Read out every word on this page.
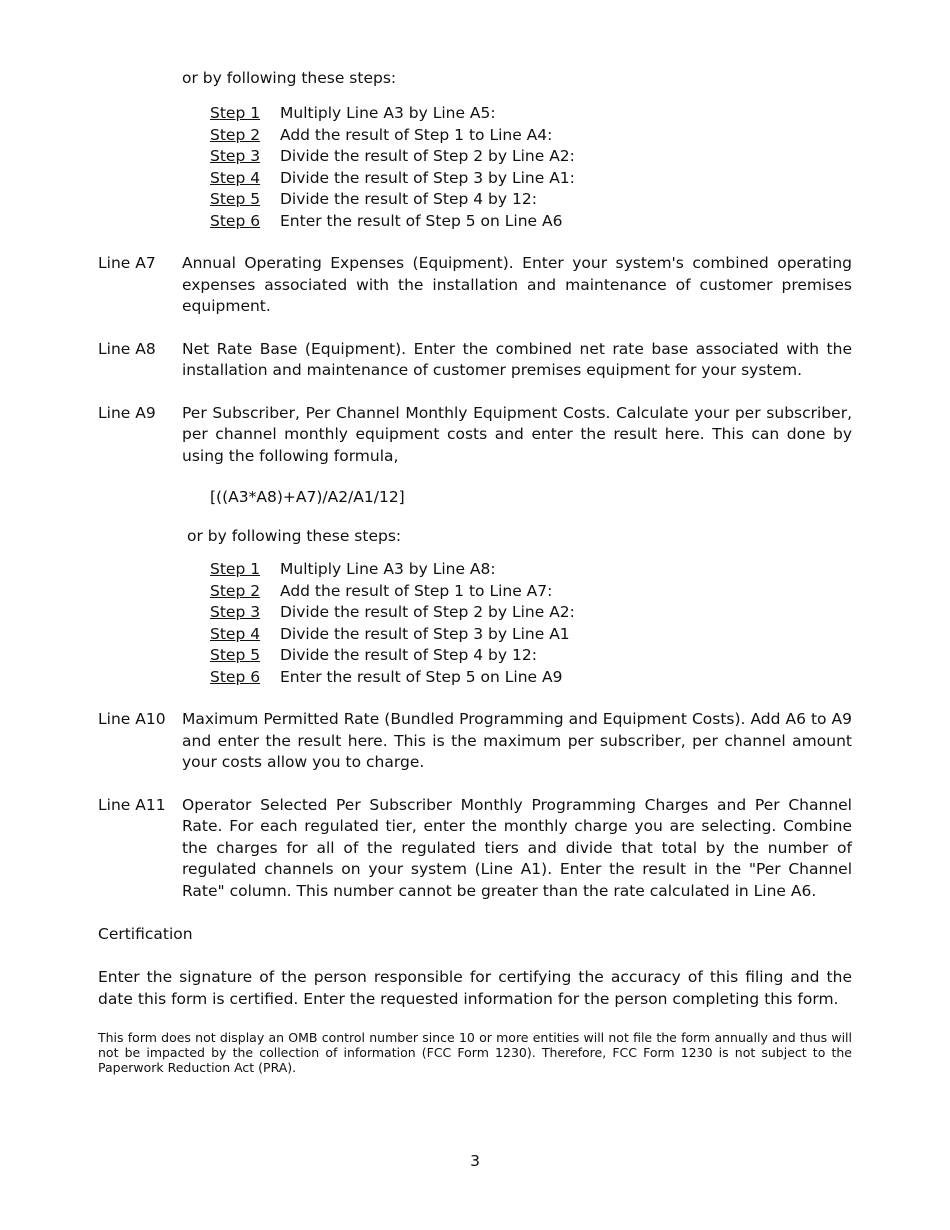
or by following these steps:
Step 1	Multiply Line A3 by Line A5:
Step 2	Add the result of Step 1 to Line A4:
Step 3	Divide the result of Step 2 by Line A2:
Step 4	Divide the result of Step 3 by Line A1:
Step 5	Divide the result of Step 4 by 12:
Step 6	Enter the result of Step 5 on Line A6
Line A7	Annual Operating Expenses (Equipment). Enter your system's combined operating expenses associated with the installation and maintenance of customer premises equipment.
Line A8	Net Rate Base (Equipment). Enter the combined net rate base associated with the installation and maintenance of customer premises equipment for your system.
Line A9	Per Subscriber, Per Channel Monthly Equipment Costs. Calculate your per subscriber, per channel monthly equipment costs and enter the result here. This can done by using the following formula,
[((A3*A8)+A7)/A2/A1/12]
or by following these steps:
Step 1	Multiply Line A3 by Line A8:
Step 2	Add the result of Step 1 to Line A7:
Step 3	Divide the result of Step 2 by Line A2:
Step 4	Divide the result of Step 3 by Line A1
Step 5	Divide the result of Step 4 by 12:
Step 6	Enter the result of Step 5 on Line A9
Line A10	Maximum Permitted Rate (Bundled Programming and Equipment Costs). Add A6 to A9 and enter the result here. This is the maximum per subscriber, per channel amount your costs allow you to charge.
Line A11	Operator Selected Per Subscriber Monthly Programming Charges and Per Channel Rate. For each regulated tier, enter the monthly charge you are selecting. Combine the charges for all of the regulated tiers and divide that total by the number of regulated channels on your system (Line A1). Enter the result in the "Per Channel Rate" column. This number cannot be greater than the rate calculated in Line A6.
Certification
Enter the signature of the person responsible for certifying the accuracy of this filing and the date this form is certified. Enter the requested information for the person completing this form.
This form does not display an OMB control number since 10 or more entities will not file the form annually and thus will not be impacted by the collection of information (FCC Form 1230). Therefore, FCC Form 1230 is not subject to the Paperwork Reduction Act (PRA).
3
